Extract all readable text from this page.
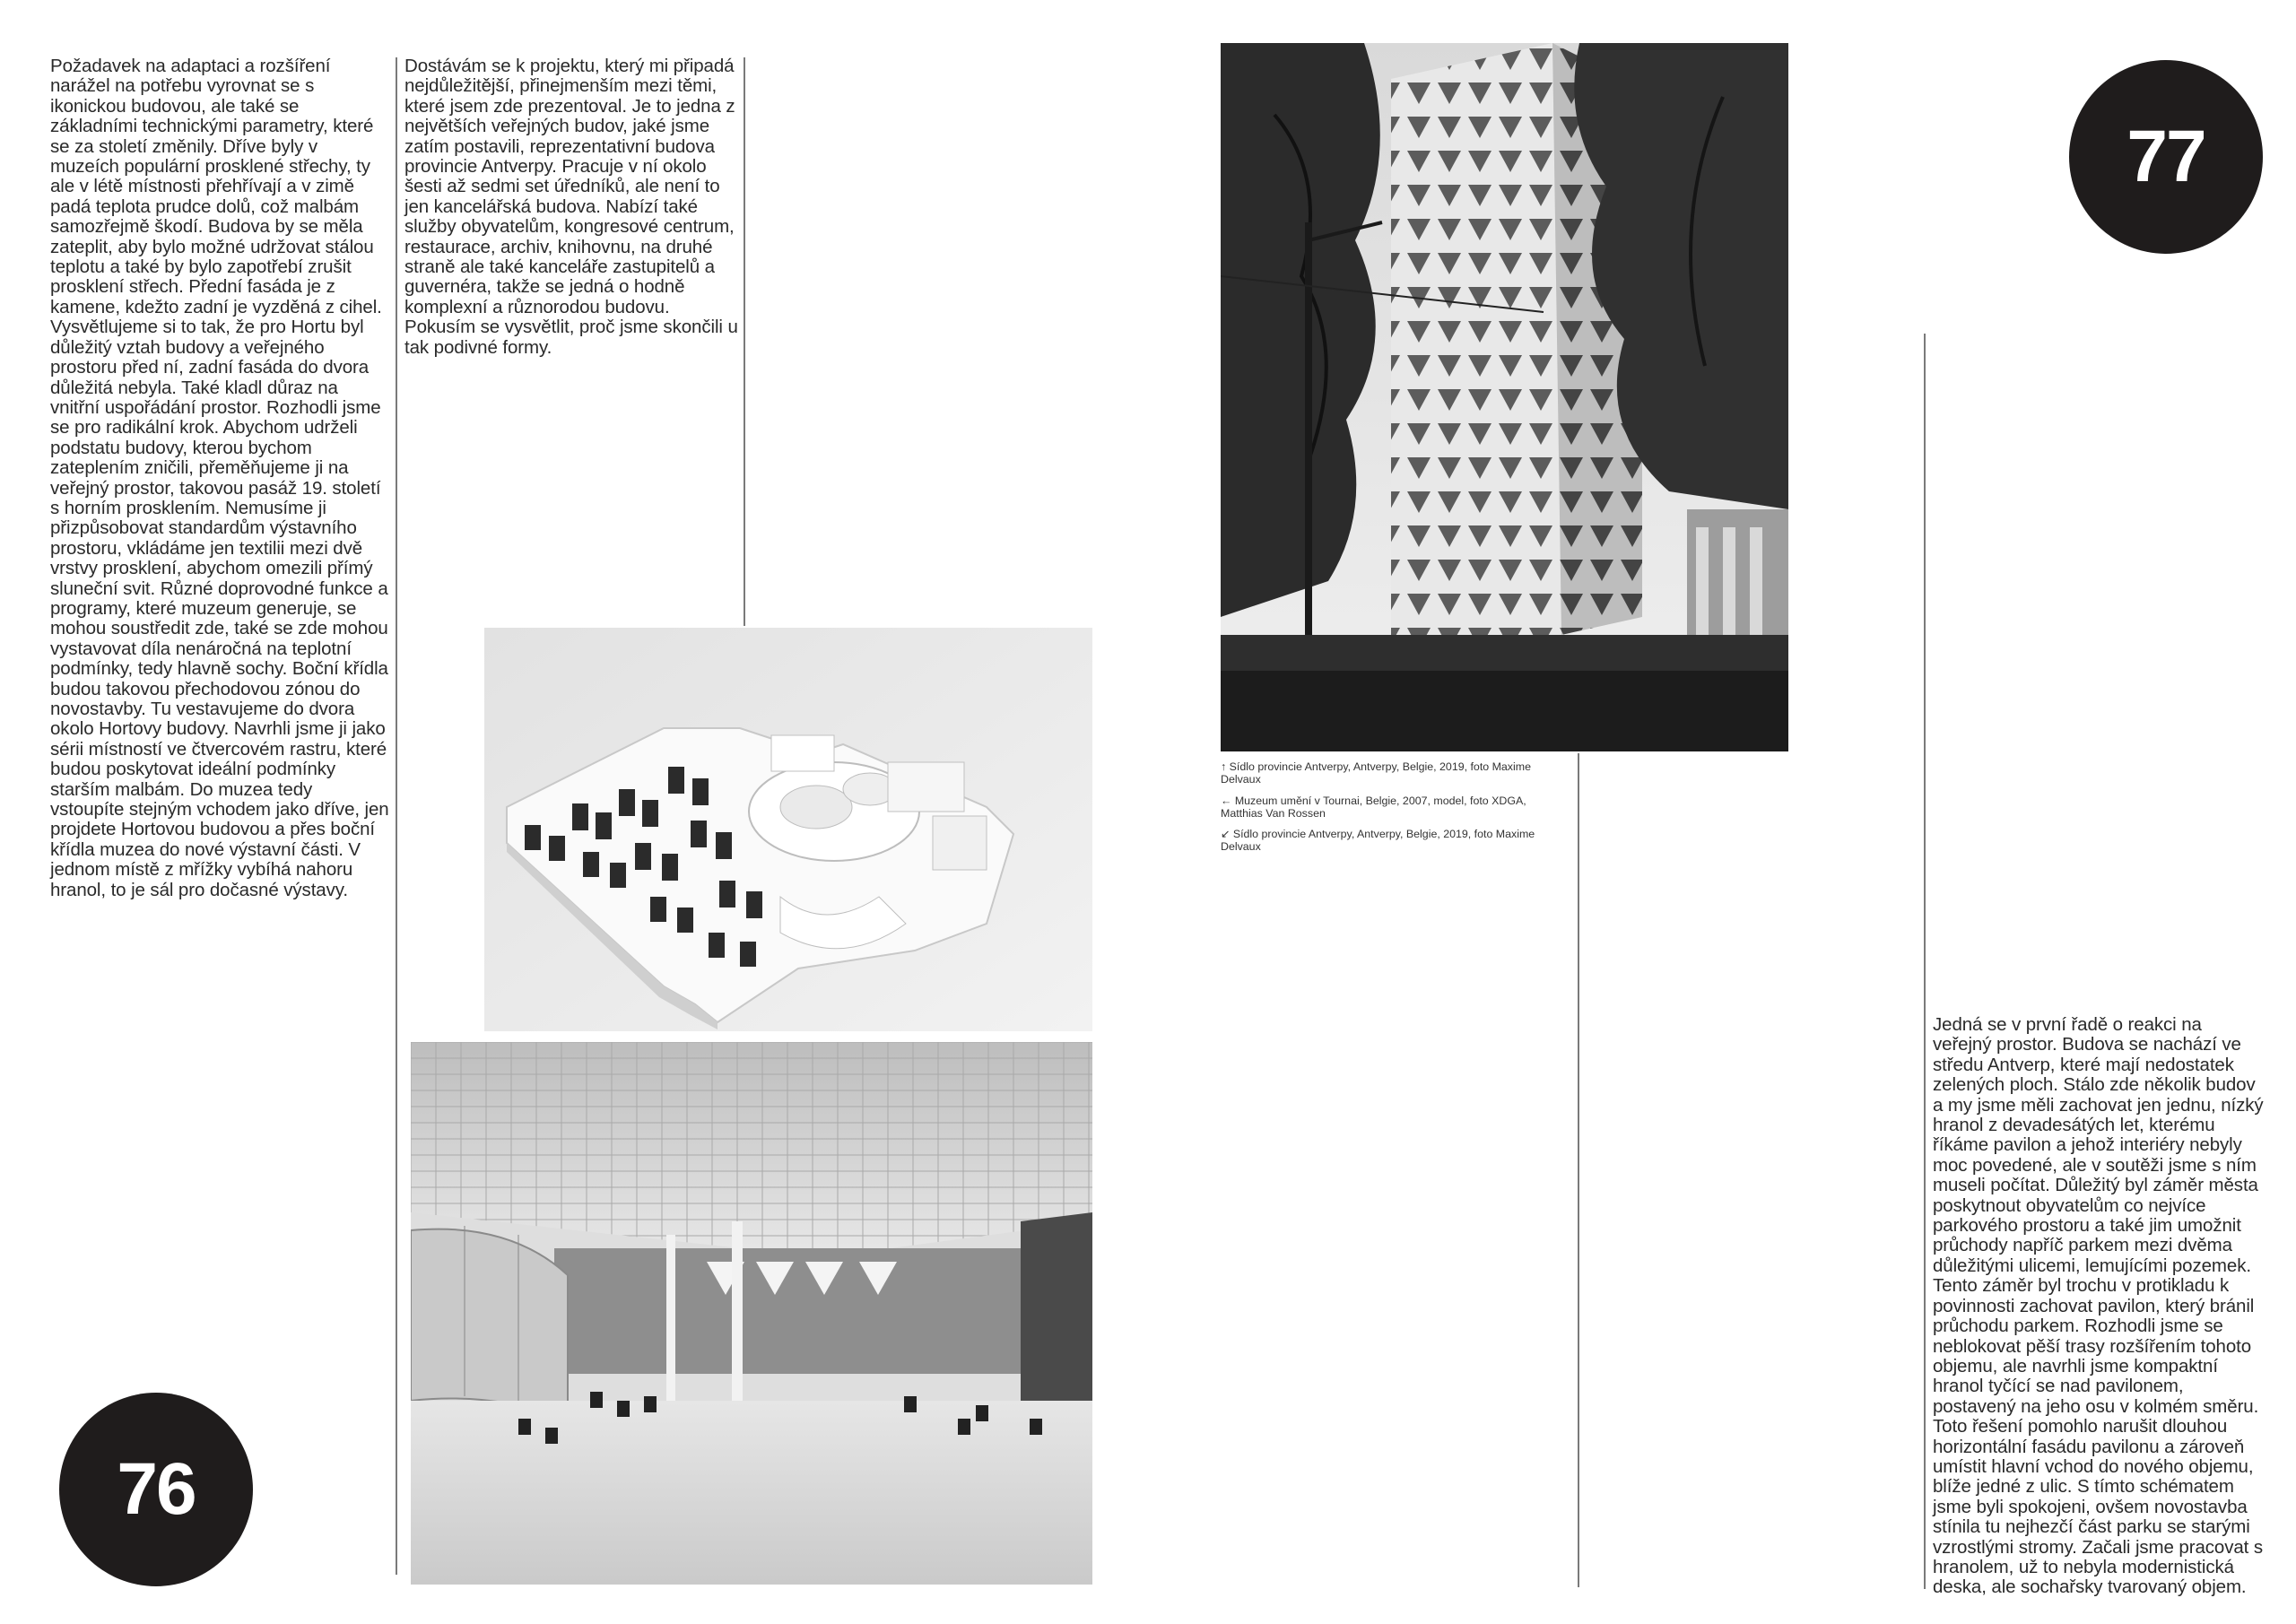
Požadavek na adaptaci a rozšíření narážel na potřebu vyrovnat se s ikonickou budovou, ale také se základními technickými parametry, které se za století změnily. Dříve byly v muzeích populární prosklené střechy, ty ale v létě místnosti přehřívají a v zimě padá teplota prudce dolů, což malbám samozřejmě škodí. Budova by se měla zateplit, aby bylo možné udržovat stálou teplotu a také by bylo zapotřebí zrušit prosklení střech. Přední fasáda je z kamene, kdežto zadní je vyzděná z cihel. Vysvětlujeme si to tak, že pro Hortu byl důležitý vztah budovy a veřejného prostoru před ní, zadní fasáda do dvora důležitá nebyla. Také kladl důraz na vnitřní uspořádání prostor. Rozhodli jsme se pro radikální krok. Abychom udrželi podstatu budovy, kterou bychom zateplením zničili, přeměňujeme ji na veřejný prostor, takovou pasáž 19. století s horním prosklením. Nemusíme ji přizpůsobovat standardům výstavního prostoru, vkládáme jen textilii mezi dvě vrstvy prosklení, abychom omezili přímý sluneční svit. Různé doprovodné funkce a programy, které muzeum generuje, se mohou soustředit zde, také se zde mohou vystavovat díla nenáročná na teplotní podmínky, tedy hlavně sochy. Boční křídla budou takovou přechodovou zónou do novostavby. Tu vestavujeme do dvora okolo Hortovy budovy. Navrhli jsme ji jako sérii místností ve čtvercovém rastru, které budou poskytovat ideální podmínky starším malbám. Do muzea tedy vstoupíte stejným vchodem jako dříve, jen projdete Hortovou budovou a přes boční křídla muzea do nové výstavní části. V jednom místě z mřížky vybíhá nahoru hranol, to je sál pro dočasné výstavy.

Dostávám se k projektu, který mi připadá nejdůležitější, přinejmenším mezi těmi, které jsem zde prezentoval. Je to jedna z největších veřejných budov, jaké jsme zatím postavili, reprezentativní budova provincie Antverpy. Pracuje v ní okolo šesti až sedmi set úředníků, ale není to jen kancelářská budova. Nabízí také služby obyvatelům, kongresové centrum, restaurace, archiv, knihovnu, na druhé straně ale také kanceláře zastupitelů a guvernéra, takže se jedná o hodně komplexní a různorodou budovu. Pokusím se vysvětlit, proč jsme skončili u tak podivné formy.

76

↑ Sídlo provincie Antverpy, Antverpy, Belgie, 2019, foto Maxime Delvaux

← Muzeum umění v Tournai, Belgie, 2007, model, foto XDGA, Matthias Van Rossen

↙ Sídlo provincie Antverpy, Antverpy, Belgie, 2019, foto Maxime Delvaux

77

Jedná se v první řadě o reakci na veřejný prostor. Budova se nachází ve středu Antverp, které mají nedostatek zelených ploch. Stálo zde několik budov a my jsme měli zachovat jen jednu, nízký hranol z devadesátých let, kterému říkáme pavilon a jehož interiéry nebyly moc povedené, ale v soutěži jsme s ním museli počítat. Důležitý byl záměr města poskytnout obyvatelům co nejvíce parkového prostoru a také jim umožnit průchody napříč parkem mezi dvěma důležitými ulicemi, lemujícími pozemek. Tento záměr byl trochu v protikladu k povinnosti zachovat pavilon, který bránil průchodu parkem. Rozhodli jsme se neblokovat pěší trasy rozšířením tohoto objemu, ale navrhli jsme kompaktní hranol tyčící se nad pavilonem, postavený na jeho osu v kolmém směru. Toto řešení pomohlo narušit dlouhou horizontální fasádu pavilonu a zároveň umístit hlavní vchod do nového objemu, blíže jedné z ulic. S tímto schématem jsme byli spokojeni, ovšem novostavba stínila tu nejhezčí část parku se starými vzrostlými stromy. Začali jsme pracovat s hranolem, už to nebyla modernistická deska, ale sochařsky tvarovaný objem.
